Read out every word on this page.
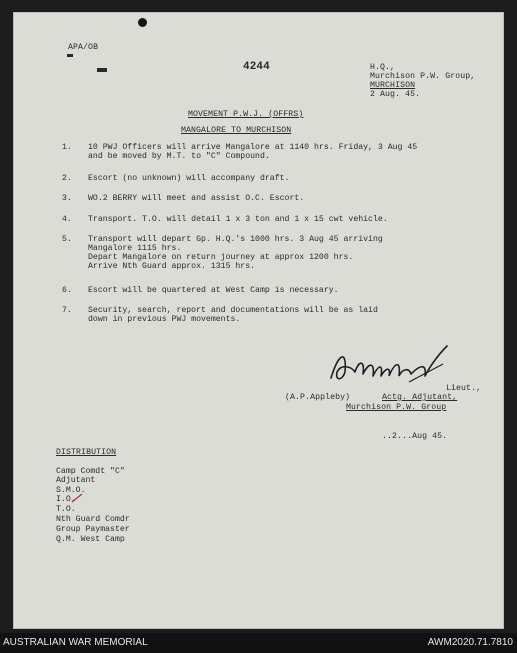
APA/OB
4244	H.Q.,
Murchison P.W. Group,
MURCHISON
2 Aug. 45.
MOVEMENT P.W.J. (OFFRS)
MANGALORE TO MURCHISON
1. 10 PWJ Officers will arrive Mangalore at 1140 hrs. Friday, 3 Aug 45
and be moved by M.T. to "C" Compound.
2. Escort (no unknown) will accompany draft.
3. WO.2 BERRY will meet and assist O.C. Escort.
4. Transport. T.O. will detail 1 x 3 ton and 1 x 15 cwt vehicle.
5. Transport will depart Gp. H.Q.'s 1000 hrs. 3 Aug 45 arriving
Mangalore 1115 hrs.
Depart Mangalore on return journey at approx 1200 hrs.
Arrive Nth Guard approx. 1315 hrs.
6. Escort will be quartered at West Camp is necessary.
7. Security, search, report and documentations will be as laid
down in previous PWJ movements.
Lieut.,
(A.P.Appleby)	Actg. Adjutant,
Murchison P.W. Group
..2...Aug 45.
DISTRIBUTION
Camp Comdt "C"
Adjutant
S.M.O.
I.O.
T.O.
Nth Guard Comdr
Group Paymaster
Q.M. West Camp
AUSTRALIAN WAR MEMORIAL	AWM2020.71.7810
